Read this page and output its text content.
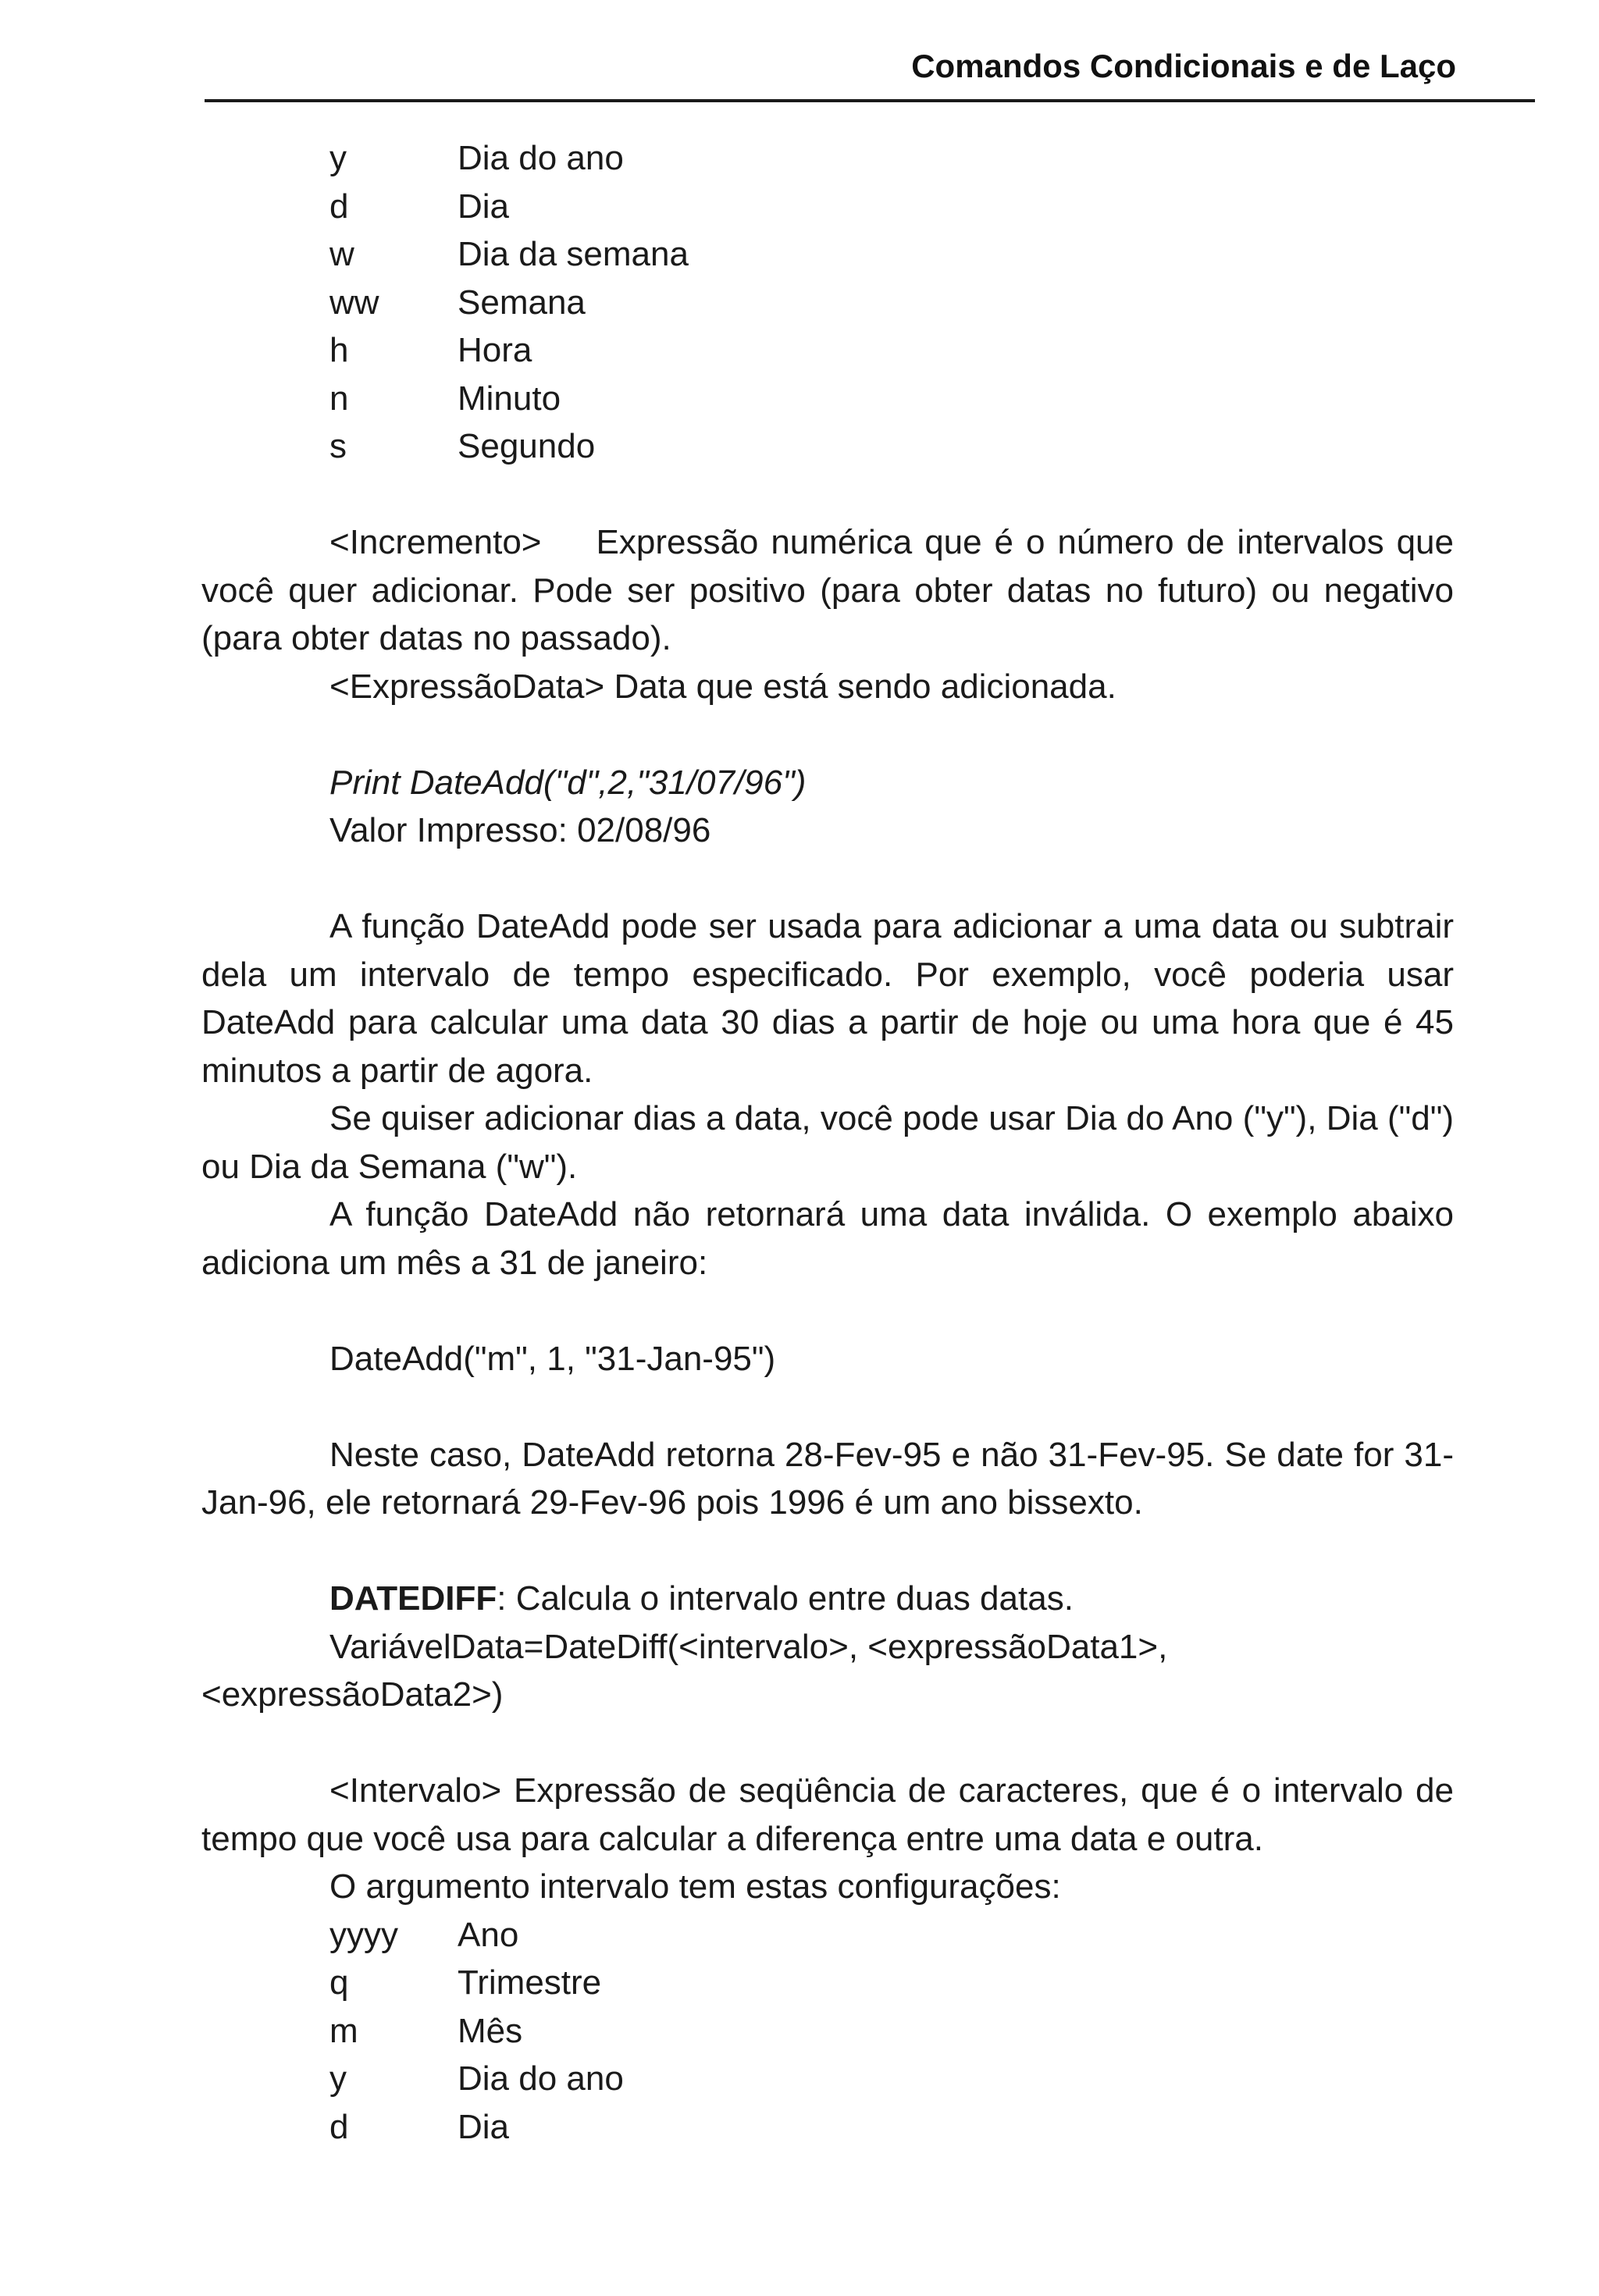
Comandos Condicionais e de Laço
y	Dia do ano
d	Dia
w	Dia da semana
ww Semana
h	Hora
n	Minuto
s	Segundo
<Incremento> Expressão numérica que é o número de intervalos que você quer adicionar. Pode ser positivo (para obter datas no futuro) ou negativo (para obter datas no passado).
<ExpressãoData> Data que está sendo adicionada.
Print DateAdd("d",2,"31/07/96")
Valor Impresso: 02/08/96
A função DateAdd pode ser usada para adicionar a uma data ou subtrair dela um intervalo de tempo especificado. Por exemplo, você poderia usar DateAdd para calcular uma data 30 dias a partir de hoje ou uma hora que é 45 minutos a partir de agora.
Se quiser adicionar dias a data, você pode usar Dia do Ano ("y"), Dia ("d") ou Dia da Semana ("w").
A função DateAdd não retornará uma data inválida. O exemplo abaixo adiciona um mês a 31 de janeiro:
DateAdd("m", 1, "31-Jan-95")
Neste caso, DateAdd retorna 28-Fev-95 e não 31-Fev-95. Se date for 31-Jan-96, ele retornará 29-Fev-96 pois 1996 é um ano bissexto.
DATEDIFF: Calcula o intervalo entre duas datas.
VariávelData=DateDiff(<intervalo>, <expressãoData1>,
<expressãoData2>)
<Intervalo> Expressão de seqüência de caracteres, que é o intervalo de tempo que você usa para calcular a diferença entre uma data e outra.
O argumento intervalo tem estas configurações:
yyyy Ano
q	Trimestre
m	Mês
y	Dia do ano
d	Dia
